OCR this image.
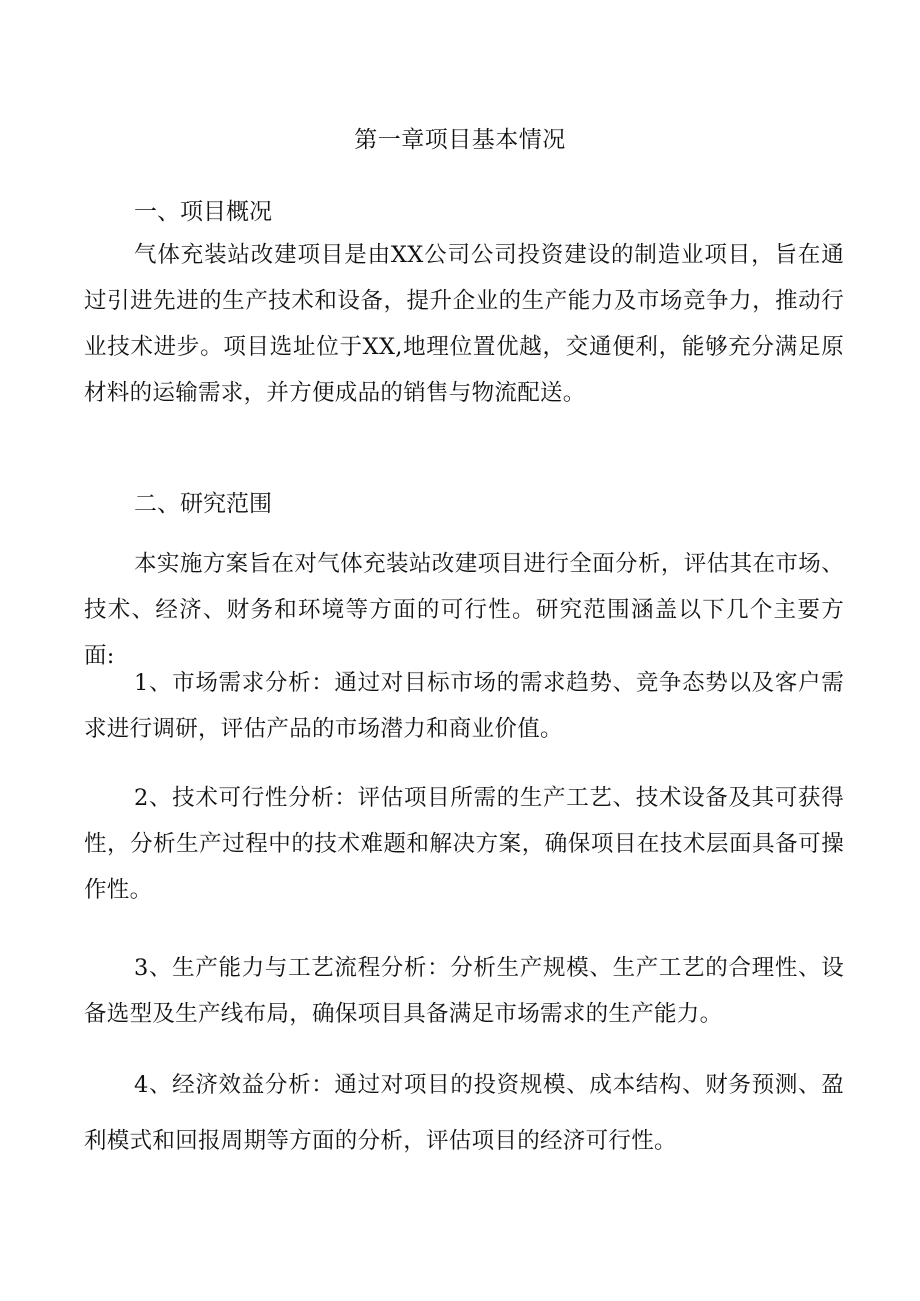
第一章项目基本情况
一、项目概况

气体充装站改建项目是由XX公司公司投资建设的制造业项目，旨在通过引进先进的生产技术和设备，提升企业的生产能力及市场竞争力，推动行业技术进步。项目选址位于XX,地理位置优越，交通便利，能够充分满足原材料的运输需求，并方便成品的销售与物流配送。

二、研究范围

本实施方案旨在对气体充装站改建项目进行全面分析，评估其在市场、技术、经济、财务和环境等方面的可行性。研究范围涵盖以下几个主要方面:

1、市场需求分析：通过对目标市场的需求趋势、竞争态势以及客户需求进行调研，评估产品的市场潜力和商业价值。

2、技术可行性分析：评估项目所需的生产工艺、技术设备及其可获得性，分析生产过程中的技术难题和解决方案，确保项目在技术层面具备可操作性。

3、生产能力与工艺流程分析：分析生产规模、生产工艺的合理性、设备选型及生产线布局，确保项目具备满足市场需求的生产能力。

4、经济效益分析：通过对项目的投资规模、成本结构、财务预测、盈利模式和回报周期等方面的分析，评估项目的经济可行性。
